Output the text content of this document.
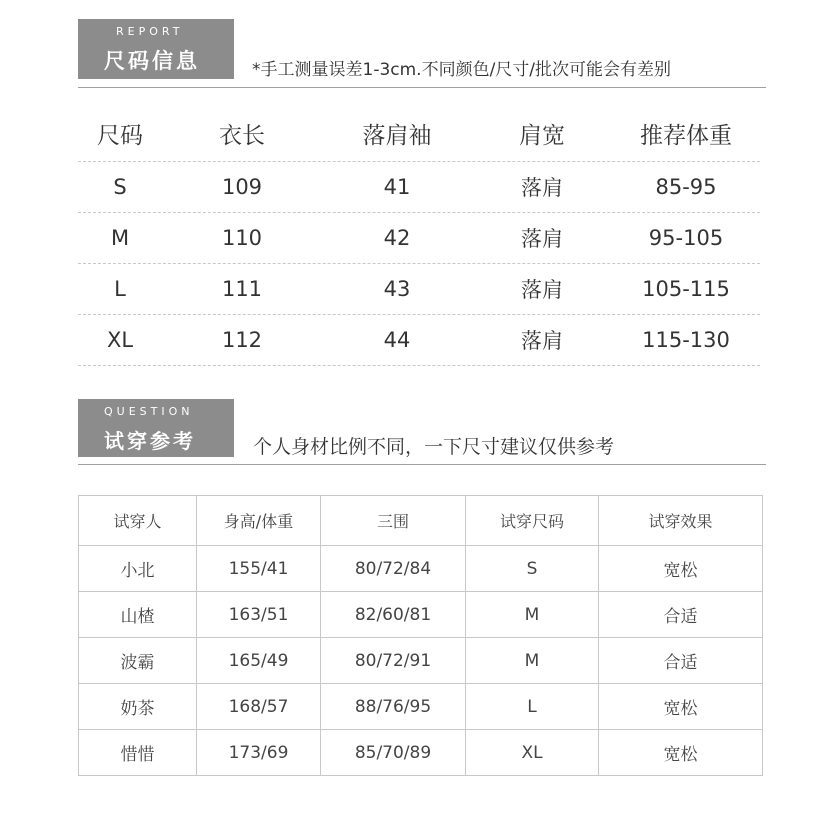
REPORT
尺码信息	*手工测量误差1-3cm.不同颜色/尺寸/批次可能会有差别
尺码	衣长	落肩袖	肩宽	推荐体重
S	109	41	落肩	85-95
M	110	42	落肩	95-105
L	111	43	落肩	105-115
XL	112	44	落肩	115-130
QUESTION
试穿参考	个人身材比例不同，一下尺寸建议仅供参考
试穿人	身高/体重	三围	试穿尺码	试穿效果
小北	155/41	80/72/84	S	宽松
山楂	163/51	82/60/81	M	合适
波霸	165/49	80/72/91	M	合适
奶茶	168/57	88/76/95	L	宽松
惜惜	173/69	85/70/89	XL	宽松
